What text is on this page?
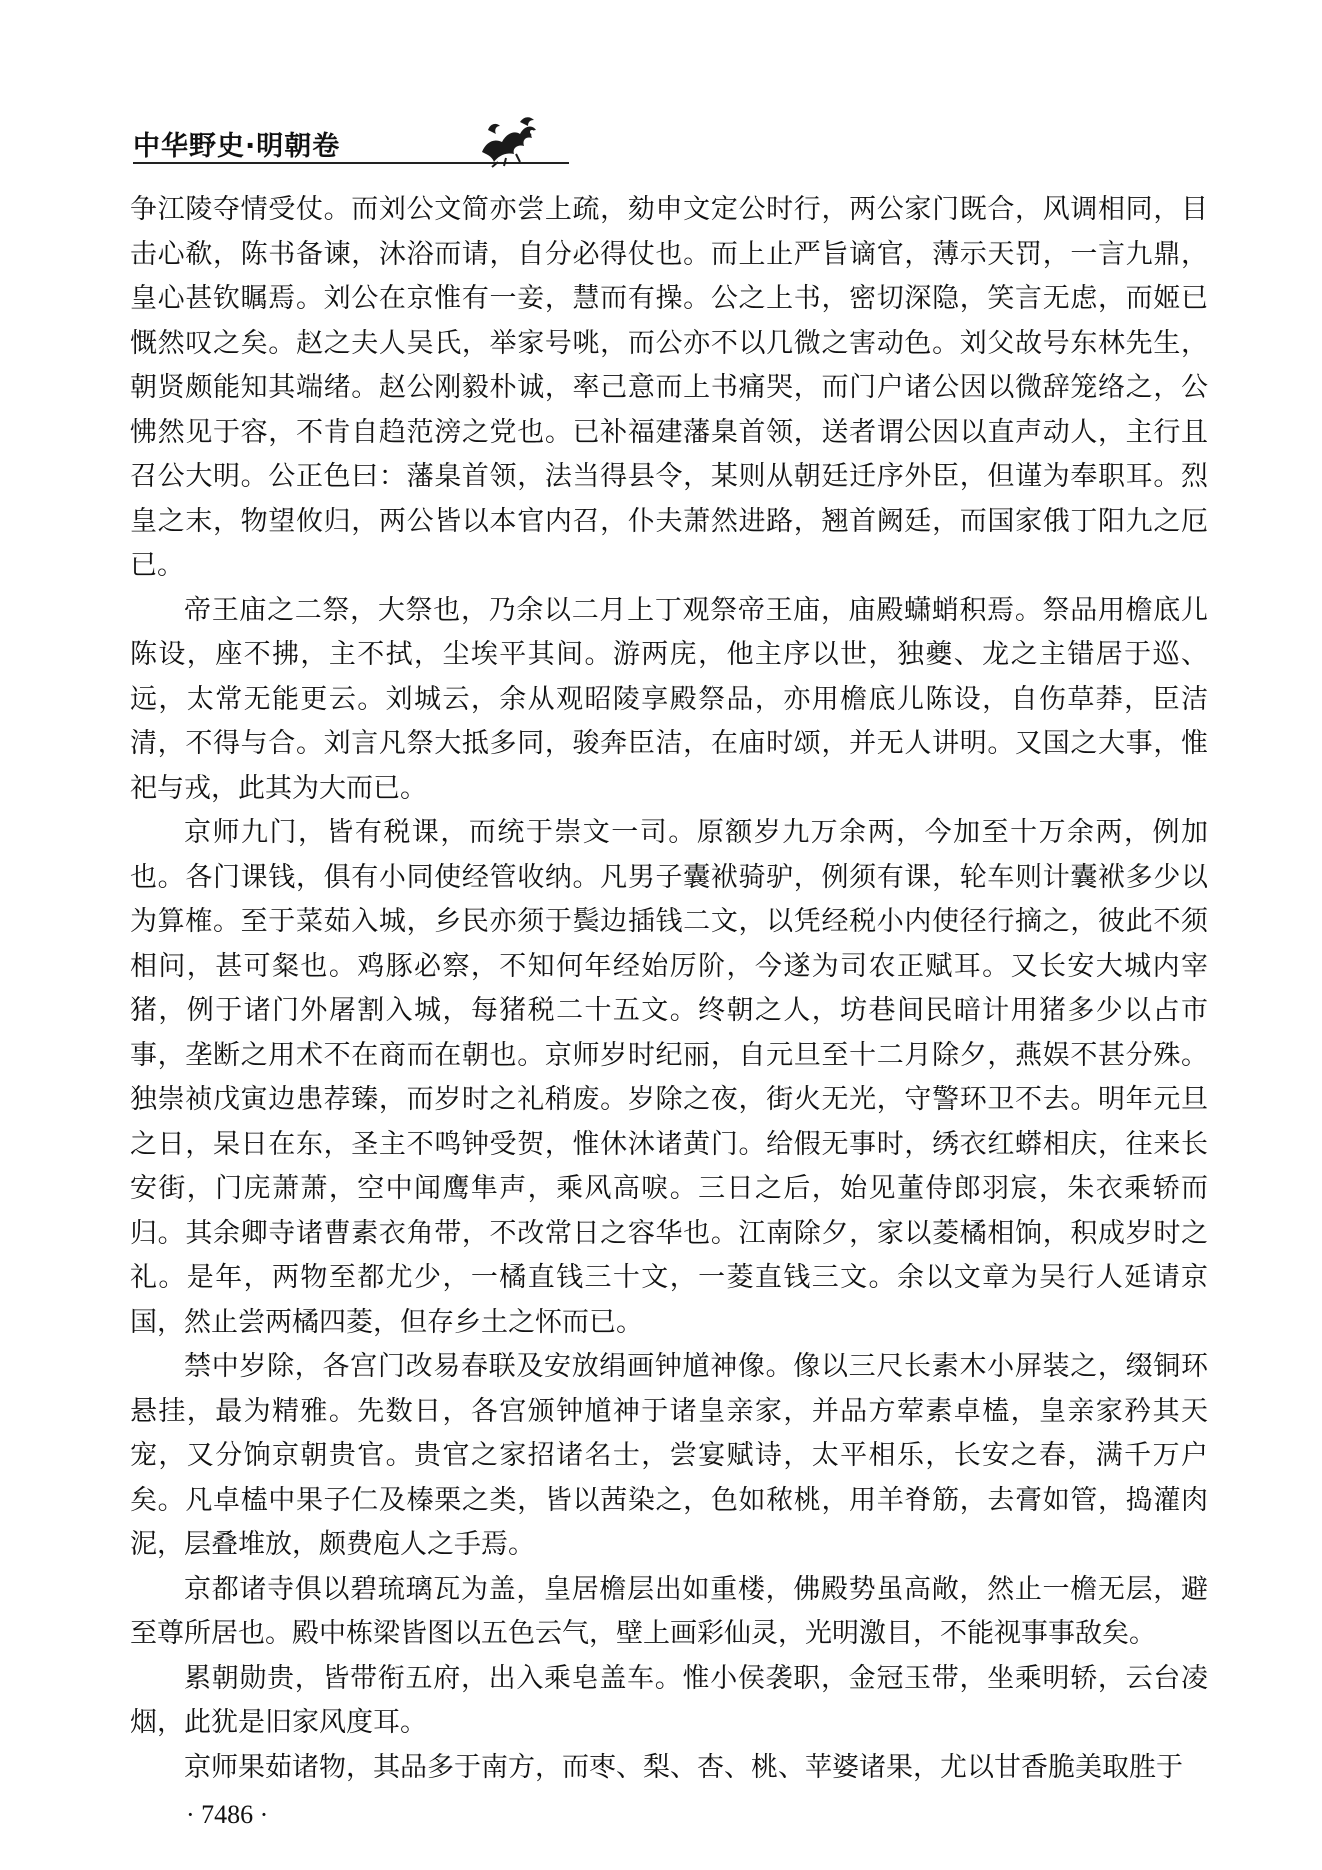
中华野史·明朝卷

争江陵夺情受仗。而刘公文简亦尝上疏，劾申文定公时行，两公家门既合，风调相同，目击心欷，陈书备谏，沐浴而请，自分必得仗也。而上止严旨谪官，薄示天罚，一言九鼎，皇心甚钦瞩焉。刘公在京惟有一妾，慧而有操。公之上书，密切深隐，笑言无虑，而姬已慨然叹之矣。赵之夫人吴氏，举家号咷，而公亦不以几微之害动色。刘父故号东林先生，朝贤颇能知其端绪。赵公刚毅朴诚，率己意而上书痛哭，而门户诸公因以微辞笼络之，公怫然见于容，不肯自趋范滂之党也。已补福建藩臬首领，送者谓公因以直声动人，主行且召公大明。公正色曰：藩臬首领，法当得县令，某则从朝廷迁序外臣，但谨为奉职耳。烈皇之末，物望攸归，两公皆以本官内召，仆夫萧然进路，翘首阙廷，而国家俄丁阳九之厄已。

帝王庙之二祭，大祭也，乃余以二月上丁观祭帝王庙，庙殿蟏蛸积焉。祭品用檐底儿陈设，座不拂，主不拭，尘埃平其间。游两庑，他主序以世，独夔、龙之主错居于巡、远，太常无能更云。刘城云，余从观昭陵享殿祭品，亦用檐底儿陈设，自伤草莽，臣洁清，不得与合。刘言凡祭大抵多同，骏奔臣洁，在庙时颂，并无人讲明。又国之大事，惟祀与戎，此其为大而已。

京师九门，皆有税课，而统于崇文一司。原额岁九万余两，今加至十万余两，例加也。各门课钱，俱有小同使经管收纳。凡男子囊袱骑驴，例须有课，轮车则计囊袱多少以为算榷。至于菜茹入城，乡民亦须于鬓边插钱二文，以凭经税小内使径行摘之，彼此不须相问，甚可粲也。鸡豚必察，不知何年经始厉阶，今遂为司农正赋耳。又长安大城内宰猪，例于诸门外屠割入城，每猪税二十五文。终朝之人，坊巷间民暗计用猪多少以占市事，垄断之用术不在商而在朝也。京师岁时纪丽，自元旦至十二月除夕，燕娱不甚分殊。独崇祯戊寅边患荐臻，而岁时之礼稍废。岁除之夜，街火无光，守警环卫不去。明年元旦之日，杲日在东，圣主不鸣钟受贺，惟休沐诸黄门。给假无事时，绣衣红蟒相庆，往来长安街，门庑萧萧，空中闻鹰隼声，乘风高唳。三日之后，始见董侍郎羽宸，朱衣乘轿而归。其余卿寺诸曹素衣角带，不改常日之容华也。江南除夕，家以菱橘相饷，积成岁时之礼。是年，两物至都尤少，一橘直钱三十文，一菱直钱三文。余以文章为吴行人延请京国，然止尝两橘四菱，但存乡土之怀而已。

禁中岁除，各宫门改易春联及安放绢画钟馗神像。像以三尺长素木小屏装之，缀铜环悬挂，最为精雅。先数日，各宫颁钟馗神于诸皇亲家，并品方荤素卓榼，皇亲家矜其天宠，又分饷京朝贵官。贵官之家招诸名士，尝宴赋诗，太平相乐，长安之春，满千万户矣。凡卓榼中果子仁及榛栗之类，皆以茜染之，色如秾桃，用羊脊筋，去膏如管，捣灌肉泥，层叠堆放，颇费庖人之手焉。

京都诸寺俱以碧琉璃瓦为盖，皇居檐层出如重楼，佛殿势虽高敞，然止一檐无层，避至尊所居也。殿中栋梁皆图以五色云气，壁上画彩仙灵，光明激目，不能视事事敌矣。

累朝勋贵，皆带衔五府，出入乘皂盖车。惟小侯袭职，金冠玉带，坐乘明轿，云台凌烟，此犹是旧家风度耳。

京师果茹诸物，其品多于南方，而枣、梨、杏、桃、苹婆诸果，尤以甘香脆美取胜于

· 7486 ·
